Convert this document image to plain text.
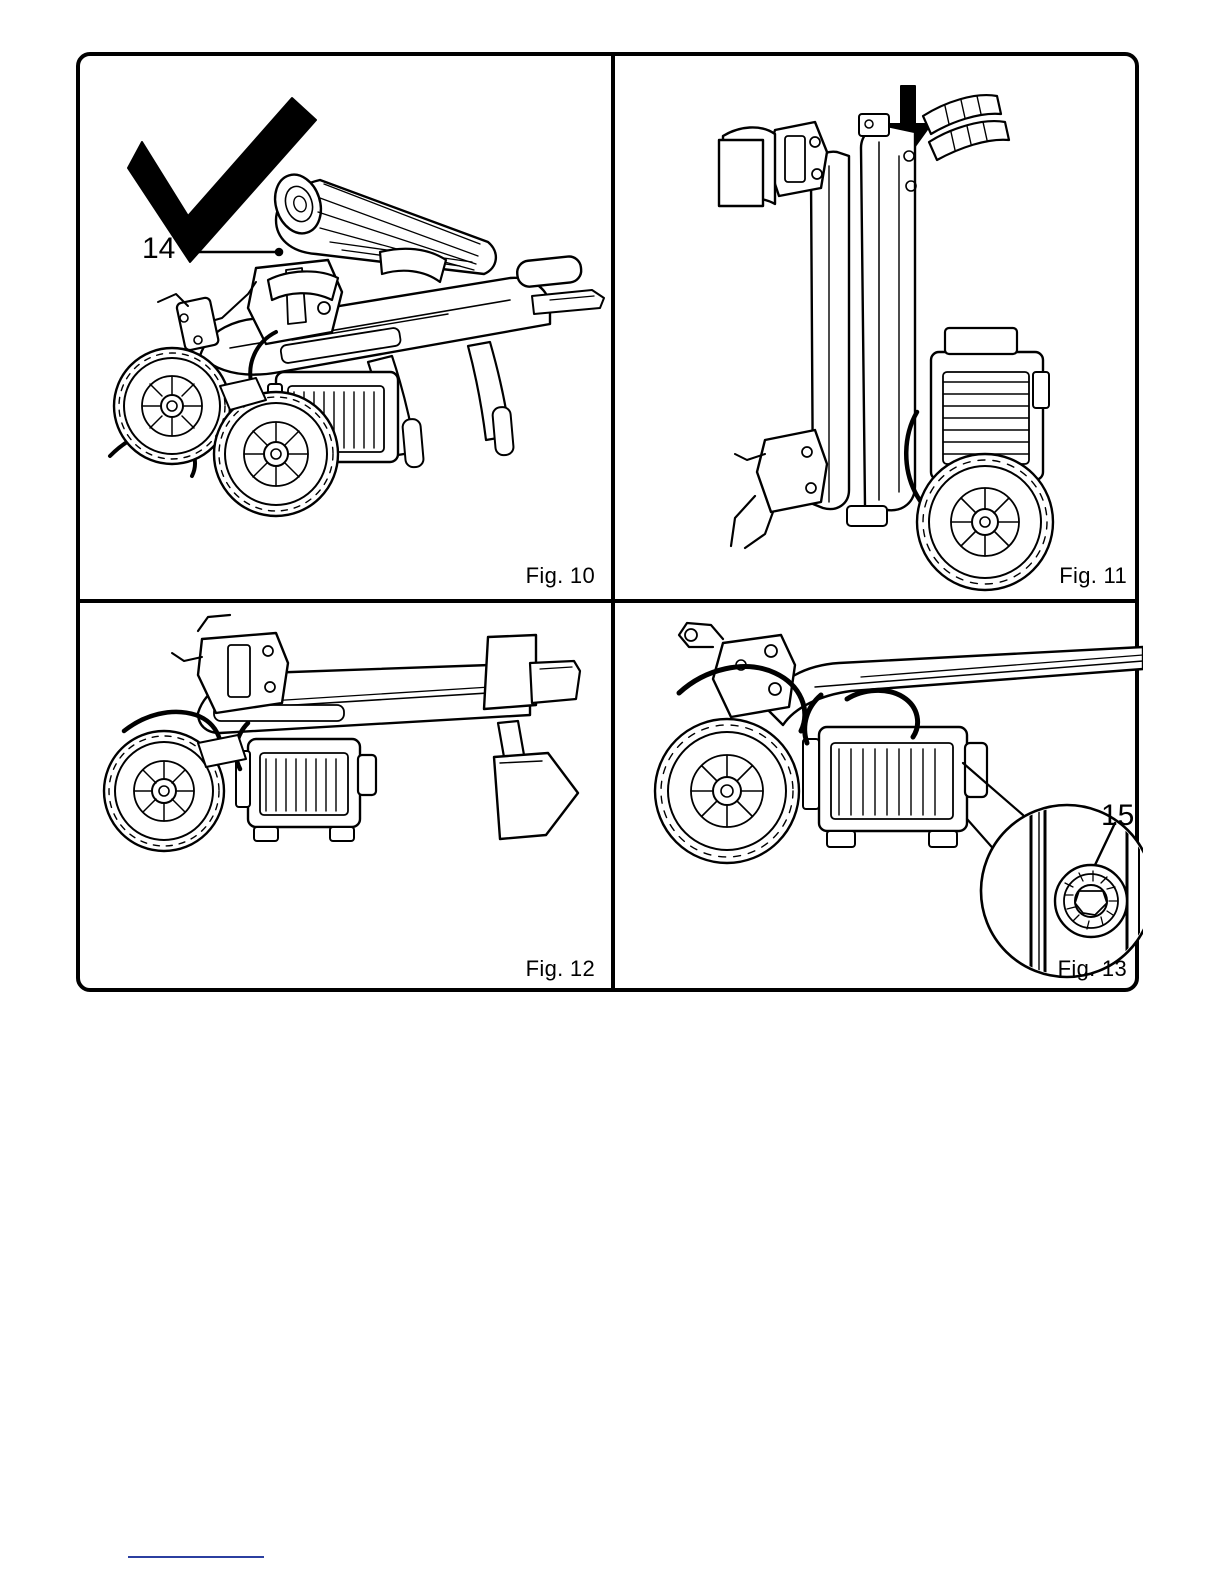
14
Fig. 10	Fig. 11
Fig. 12
15
Fig. 13
